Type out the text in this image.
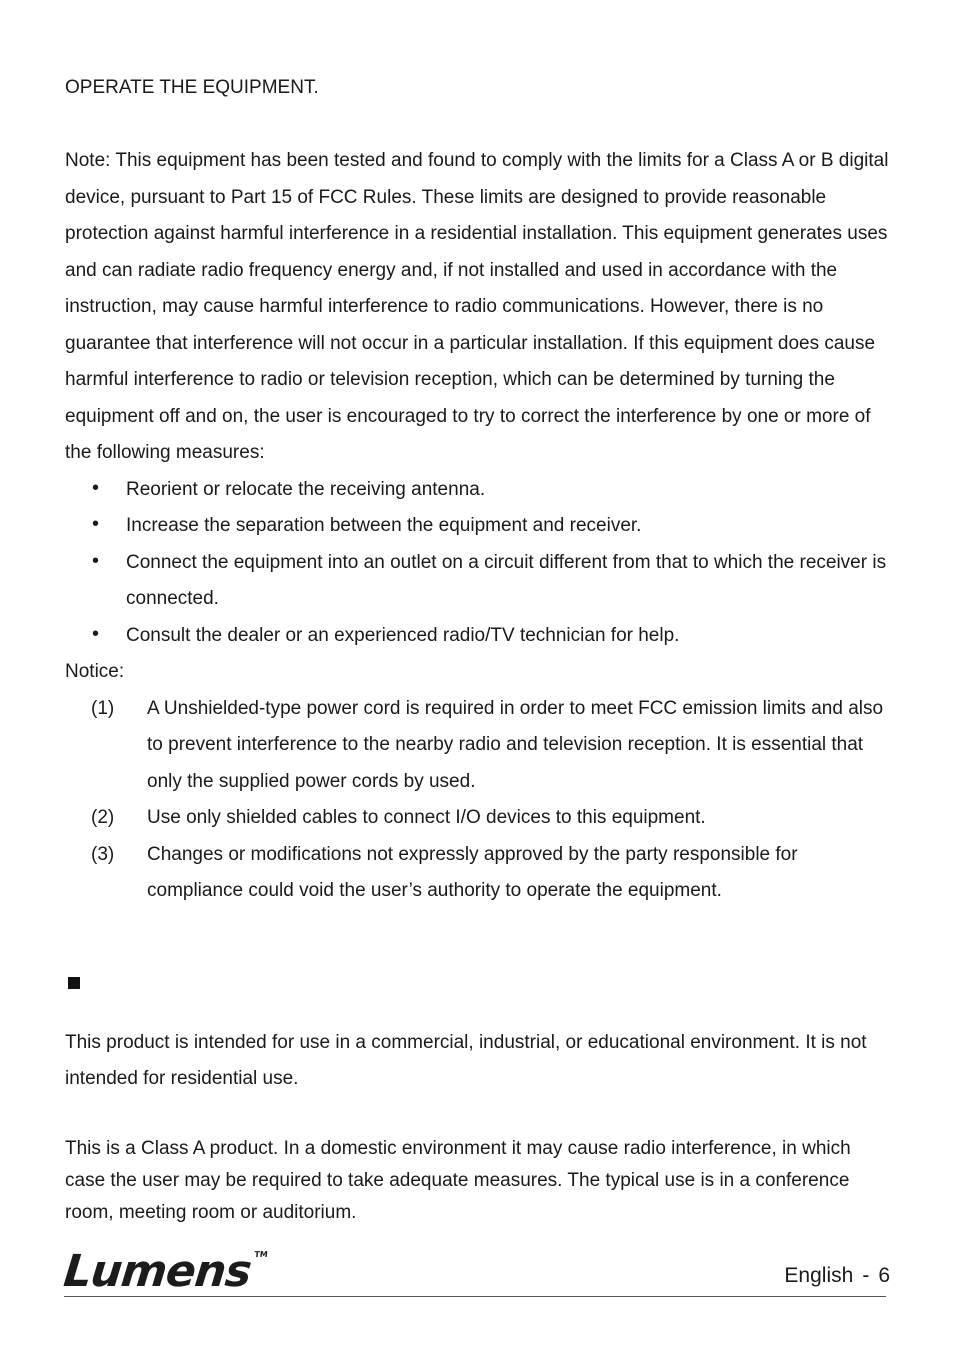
OPERATE THE EQUIPMENT.

Note: This equipment has been tested and found to comply with the limits for a Class A or B digital device, pursuant to Part 15 of FCC Rules. These limits are designed to provide reasonable protection against harmful interference in a residential installation. This equipment generates uses and can radiate radio frequency energy and, if not installed and used in accordance with the instruction, may cause harmful interference to radio communications. However, there is no guarantee that interference will not occur in a particular installation. If this equipment does cause harmful interference to radio or television reception, which can be determined by turning the equipment off and on, the user is encouraged to try to correct the interference by one or more of the following measures:

• Reorient or relocate the receiving antenna.
• Increase the separation between the equipment and receiver.
• Connect the equipment into an outlet on a circuit different from that to which the receiver is connected.
• Consult the dealer or an experienced radio/TV technician for help.

Notice:

(1) A Unshielded-type power cord is required in order to meet FCC emission limits and also to prevent interference to the nearby radio and television reception. It is essential that only the supplied power cords by used.
(2) Use only shielded cables to connect I/O devices to this equipment.
(3) Changes or modifications not expressly approved by the party responsible for compliance could void the user’s authority to operate the equipment.

This product is intended for use in a commercial, industrial, or educational environment. It is not intended for residential use.

This is a Class A product. In a domestic environment it may cause radio interference, in which case the user may be required to take adequate measures. The typical use is in a conference room, meeting room or auditorium.

Lumens™
English - 6
